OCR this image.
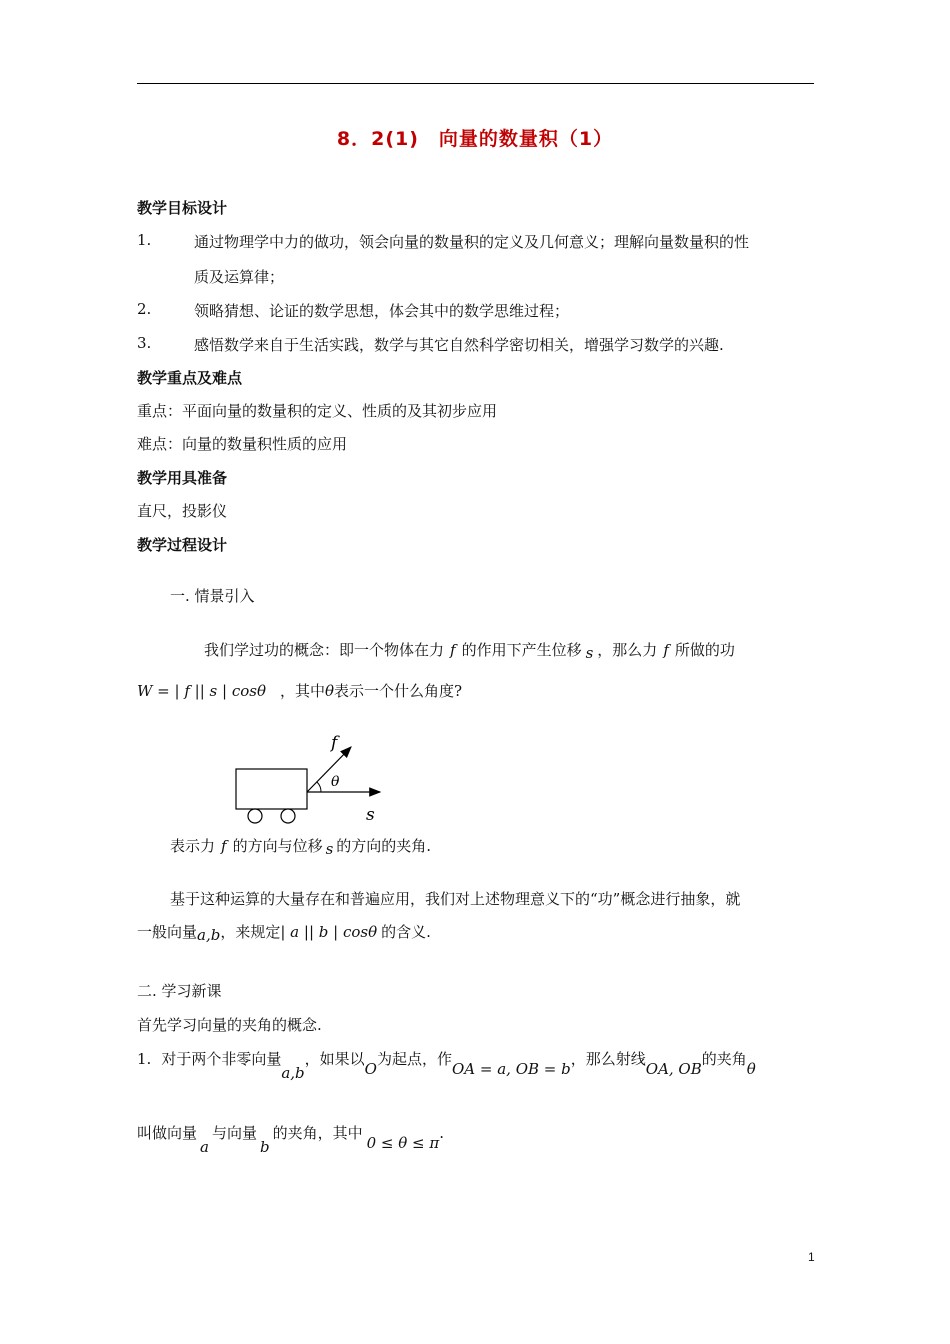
8．2(1)　向量的数量积（1）
教学目标设计
1.	通过物理学中力的做功，领会向量的数量积的定义及几何意义；理解向量数量积的性
质及运算律；
2.	领略猜想、论证的数学思想，体会其中的数学思维过程；
3.	感悟数学来自于生活实践，数学与其它自然科学密切相关，增强学习数学的兴趣.
教学重点及难点
重点：平面向量的数量积的定义、性质的及其初步应用
难点：向量的数量积性质的应用
教学用具准备
直尺，投影仪
教学过程设计
一. 情景引入
我们学过功的概念：即一个物体在力 f 的作用下产生位移 s ，那么力 f 所做的功
W = | f || s | cosθ ，其中θ表示一个什么角度?
f
θ
s
表示力 f 的方向与位移 s 的方向的夹角.
基于这种运算的大量存在和普遍应用，我们对上述物理意义下的“功”概念进行抽象，就
一般向量a,b，来规定| a || b | cosθ 的含义.
二. 学习新课
首先学习向量的夹角的概念.
1. 对于两个非零向量a,b，如果以O为起点，作OA = a, OB = b，那么射线OA, OB的夹角θ
叫做向量a与向量b的夹角，其中0 ≤ θ ≤ π.
1
